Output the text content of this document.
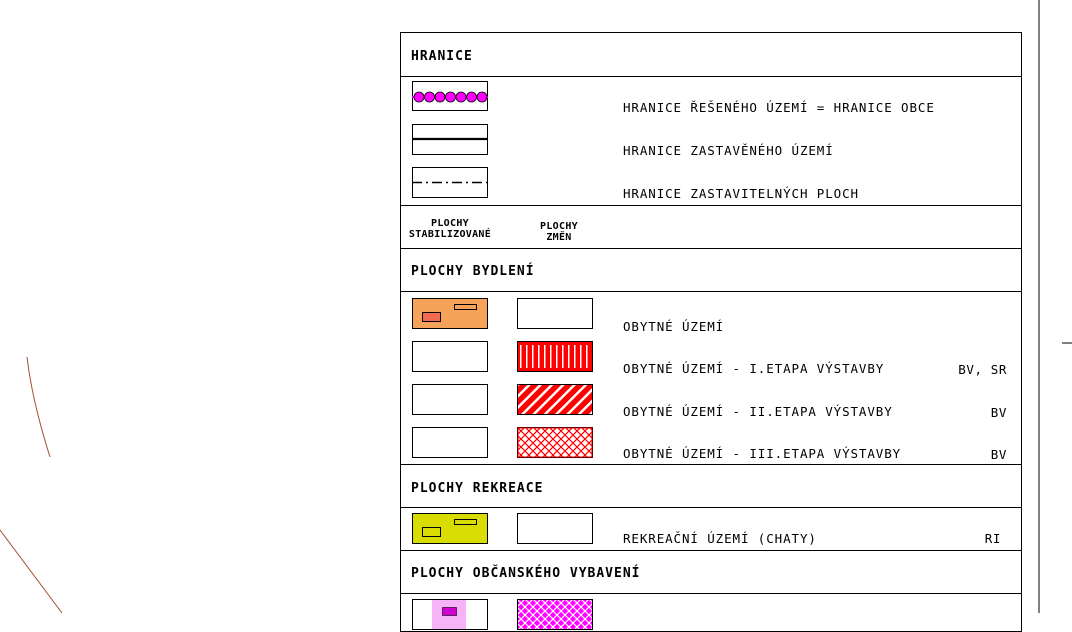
HRANICE
HRANICE ŘEŠENÉHO ÚZEMÍ = HRANICE OBCE
HRANICE ZASTAVĚNÉHO ÚZEMÍ
HRANICE ZASTAVITELNÝCH PLOCH
PLOCHY
STABILIZOVANÉ
PLOCHY
ZMĚN
PLOCHY BYDLENÍ
OBYTNÉ ÚZEMÍ
OBYTNÉ ÚZEMÍ - I.ETAPA VÝSTAVBY	BV, SR
OBYTNÉ ÚZEMÍ - II.ETAPA VÝSTAVBY	BV
OBYTNÉ ÚZEMÍ - III.ETAPA VÝSTAVBY	BV
PLOCHY REKREACE
REKREAČNÍ ÚZEMÍ (CHATY)	RI
PLOCHY OBČANSKÉHO VYBAVENÍ
